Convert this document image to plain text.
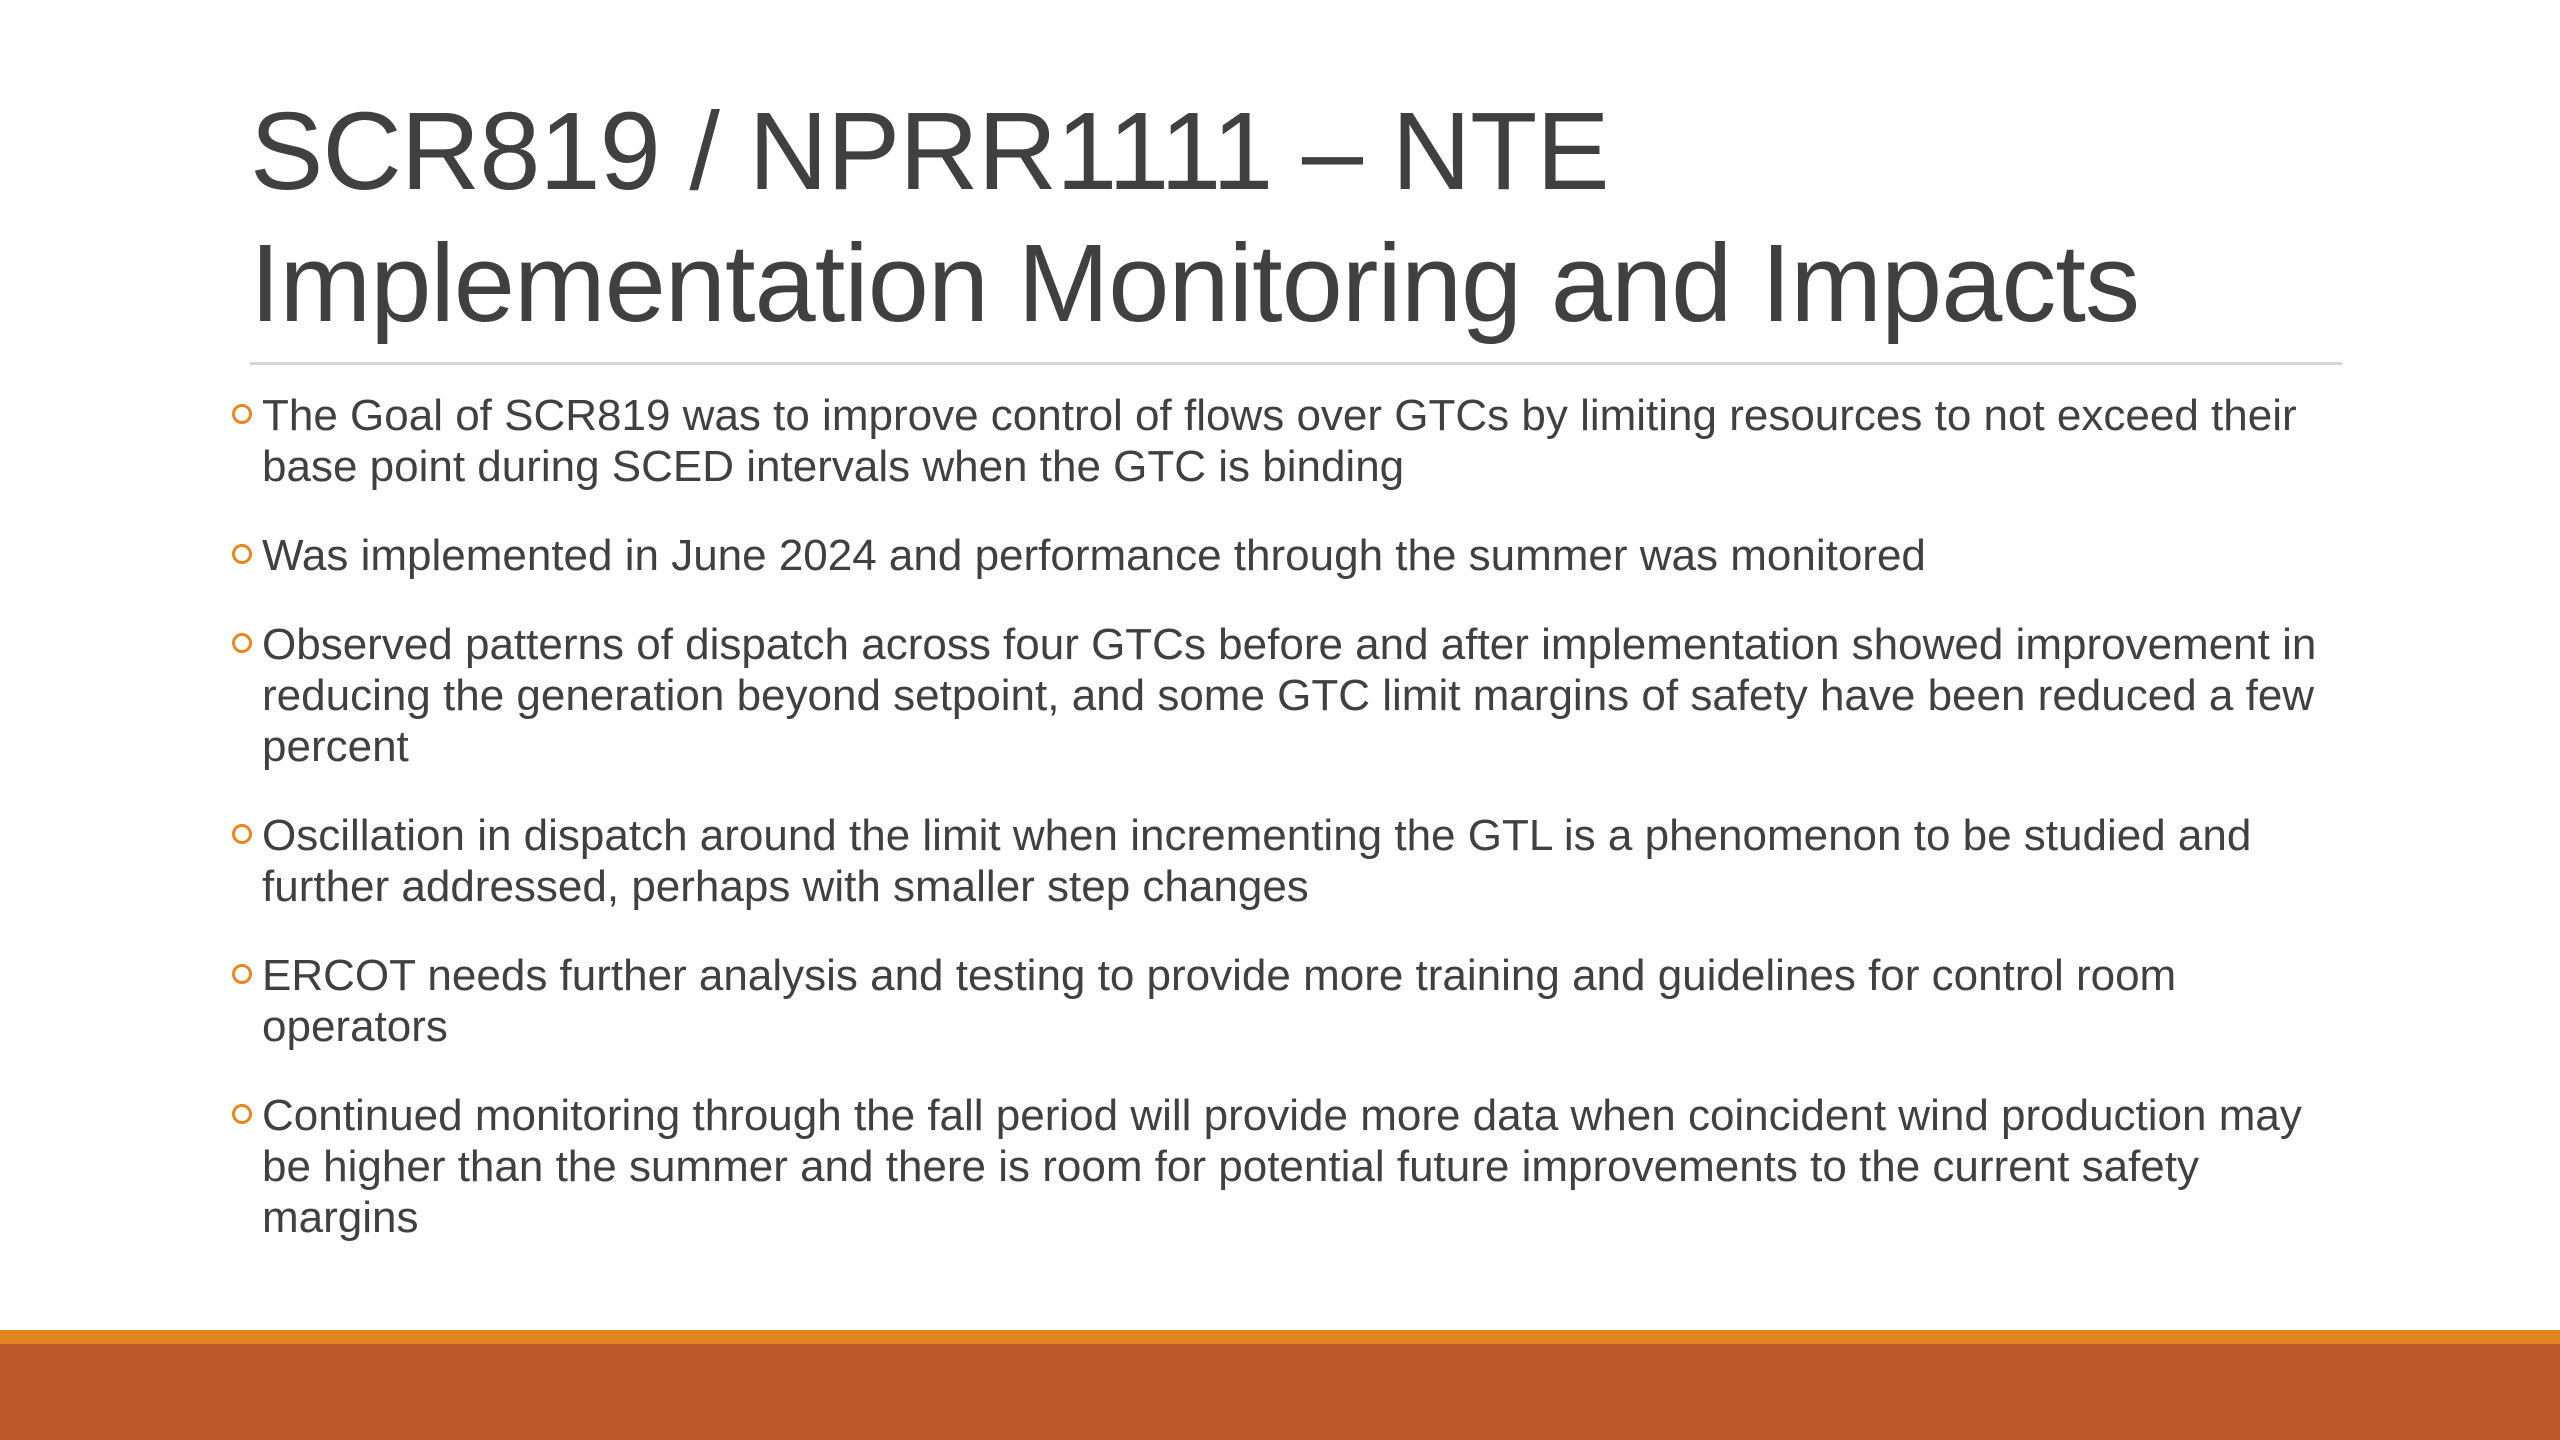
SCR819 / NPRR1111 – NTE
Implementation Monitoring and Impacts
The Goal of SCR819 was to improve control of flows over GTCs by limiting resources to not exceed their base point during SCED intervals when the GTC is binding
Was implemented in June 2024 and performance through the summer was monitored
Observed patterns of dispatch across four GTCs before and after implementation showed improvement in reducing the generation beyond setpoint, and some GTC limit margins of safety have been reduced a few percent
Oscillation in dispatch around the limit when incrementing the GTL is a phenomenon to be studied and further addressed, perhaps with smaller step changes
ERCOT needs further analysis and testing to provide more training and guidelines for control room operators
Continued monitoring through the fall period will provide more data when coincident wind production may be higher than the summer and there is room for potential future improvements to the current safety margins
